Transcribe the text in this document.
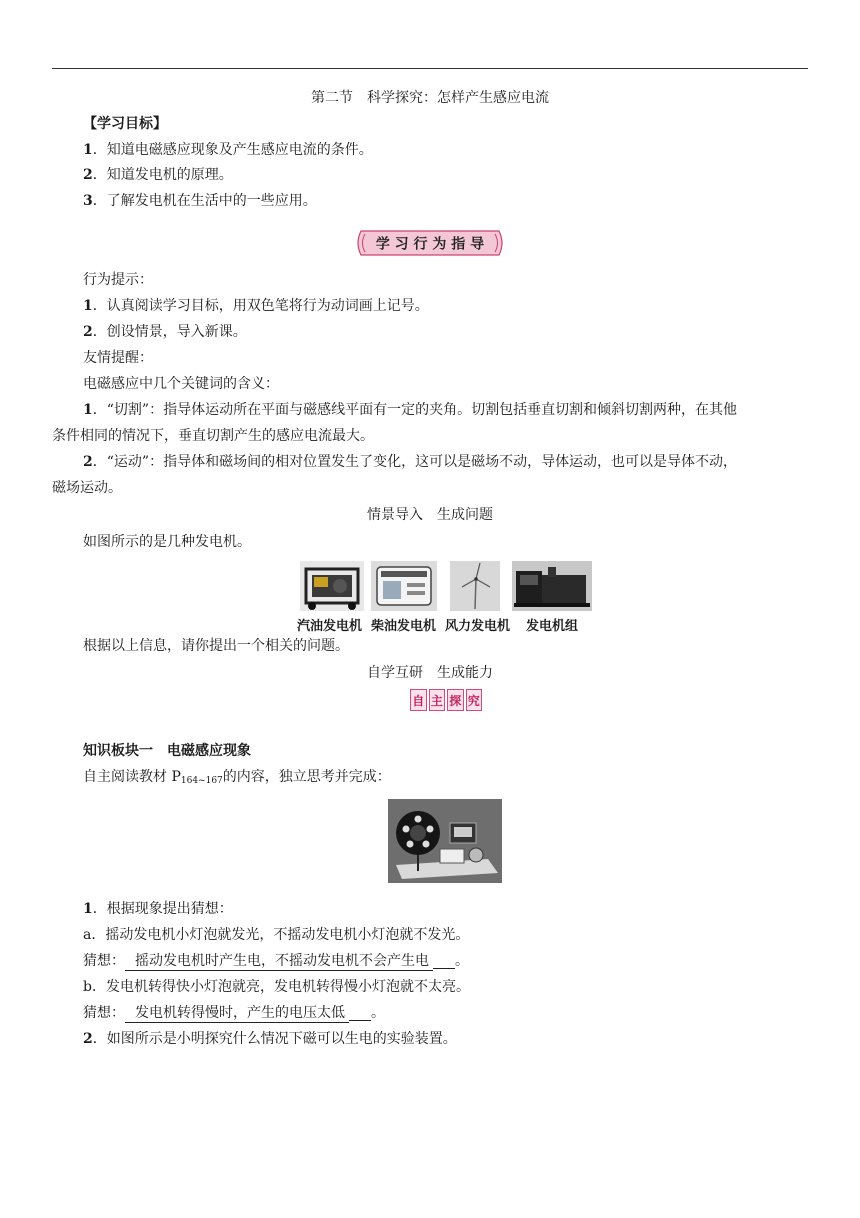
第二节　科学探究：怎样产生感应电流
【学习目标】
1．知道电磁感应现象及产生感应电流的条件。
2．知道发电机的原理。
3．了解发电机在生活中的一些应用。
学 习 行 为 指 导
行为提示：
1．认真阅读学习目标，用双色笔将行为动词画上记号。
2．创设情景，导入新课。
友情提醒：
电磁感应中几个关键词的含义：
1．“切割”：指导体运动所在平面与磁感线平面有一定的夹角。切割包括垂直切割和倾斜切割两种，在其他
条件相同的情况下，垂直切割产生的感应电流最大。
2．“运动”：指导体和磁场间的相对位置发生了变化，这可以是磁场不动，导体运动，也可以是导体不动，
磁场运动。
情景导入　生成问题
如图所示的是几种发电机。
汽油发电机 柴油发电机 风力发电机 发电机组
根据以上信息，请你提出一个相关的问题。
自学互研　生成能力
自 主 探 究
知识板块一　电磁感应现象
自主阅读教材 $P_{164\sim 167}$的内容，独立思考并完成：
1．根据现象提出猜想：
a．摇动发电机小灯泡就发光，不摇动发电机小灯泡就不发光。
猜想： 摇动发电机时产生电，不摇动发电机不会产生电 。
b．发电机转得快小灯泡就亮，发电机转得慢小灯泡就不太亮。
猜想： 发电机转得慢时，产生的电压太低 。
2．如图所示是小明探究什么情况下磁可以生电的实验装置。
